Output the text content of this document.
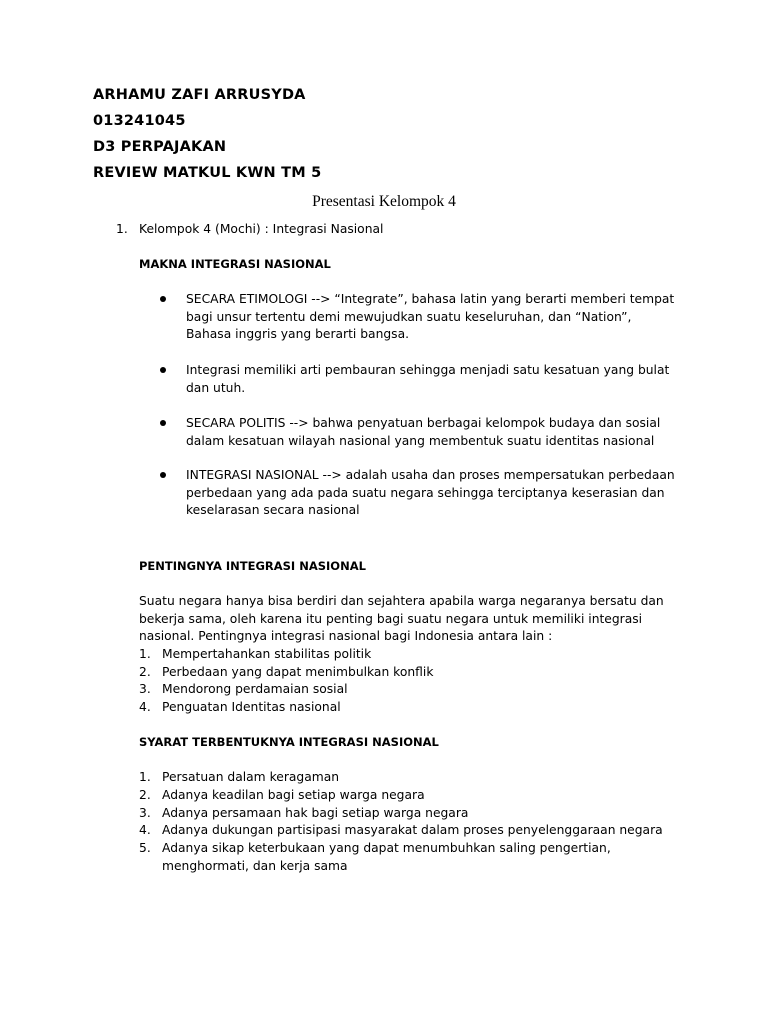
ARHAMU ZAFI ARRUSYDA
013241045
D3 PERPAJAKAN
REVIEW MATKUL KWN TM 5
Presentasi Kelompok 4
1. Kelompok 4 (Mochi) : Integrasi Nasional
MAKNA INTEGRASI NASIONAL
SECARA ETIMOLOGI --> “Integrate”, bahasa latin yang berarti memberi tempat bagi unsur tertentu demi mewujudkan suatu keseluruhan, dan “Nation”, Bahasa inggris yang berarti bangsa.
Integrasi memiliki arti pembauran sehingga menjadi satu kesatuan yang bulat dan utuh.
SECARA POLITIS --> bahwa penyatuan berbagai kelompok budaya dan sosial dalam kesatuan wilayah nasional yang membentuk suatu identitas nasional
INTEGRASI NASIONAL --> adalah usaha dan proses mempersatukan perbedaan perbedaan yang ada pada suatu negara sehingga terciptanya keserasian dan keselarasan secara nasional
PENTINGNYA INTEGRASI NASIONAL
Suatu negara hanya bisa berdiri dan sejahtera apabila warga negaranya bersatu dan bekerja sama, oleh karena itu penting bagi suatu negara untuk memiliki integrasi nasional. Pentingnya integrasi nasional bagi Indonesia antara lain :
1. Mempertahankan stabilitas politik
2. Perbedaan yang dapat menimbulkan konflik
3. Mendorong perdamaian sosial
4. Penguatan Identitas nasional
SYARAT TERBENTUKNYA INTEGRASI NASIONAL
1. Persatuan dalam keragaman
2. Adanya keadilan bagi setiap warga negara
3. Adanya persamaan hak bagi setiap warga negara
4. Adanya dukungan partisipasi masyarakat dalam proses penyelenggaraan negara
5. Adanya sikap keterbukaan yang dapat menumbuhkan saling pengertian, menghormati, dan kerja sama
